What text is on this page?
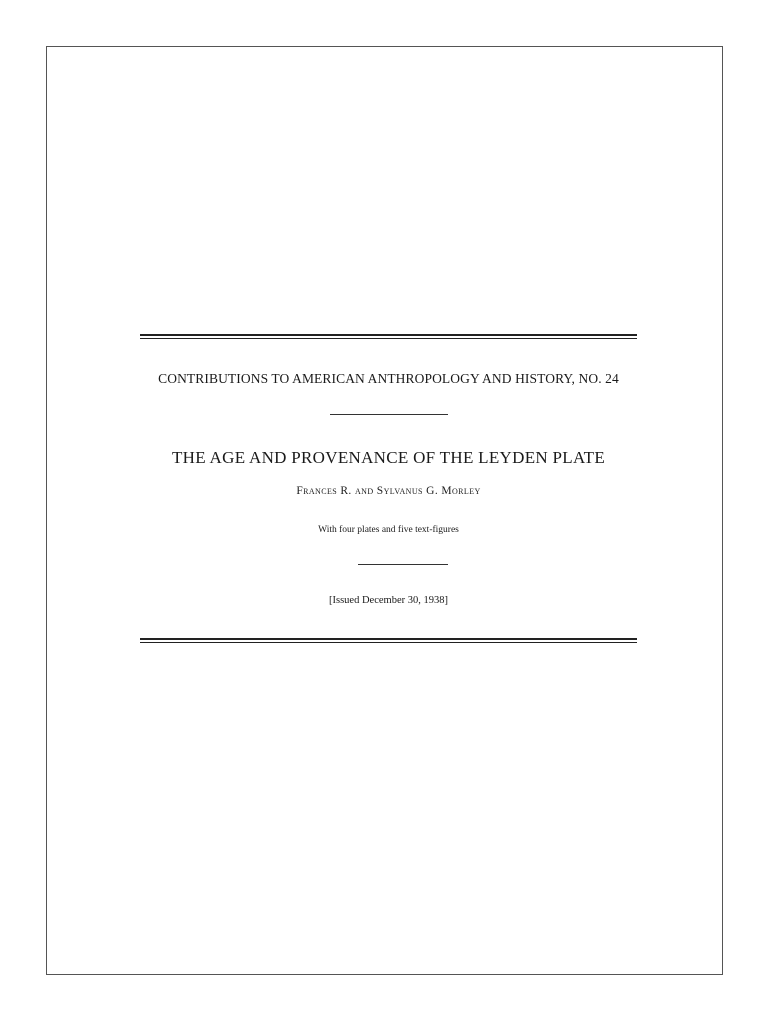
CONTRIBUTIONS TO AMERICAN ANTHROPOLOGY AND HISTORY, NO. 24
THE AGE AND PROVENANCE OF THE LEYDEN PLATE
Frances R. and Sylvanus G. Morley
With four plates and five text-figures
[Issued December 30, 1938]
